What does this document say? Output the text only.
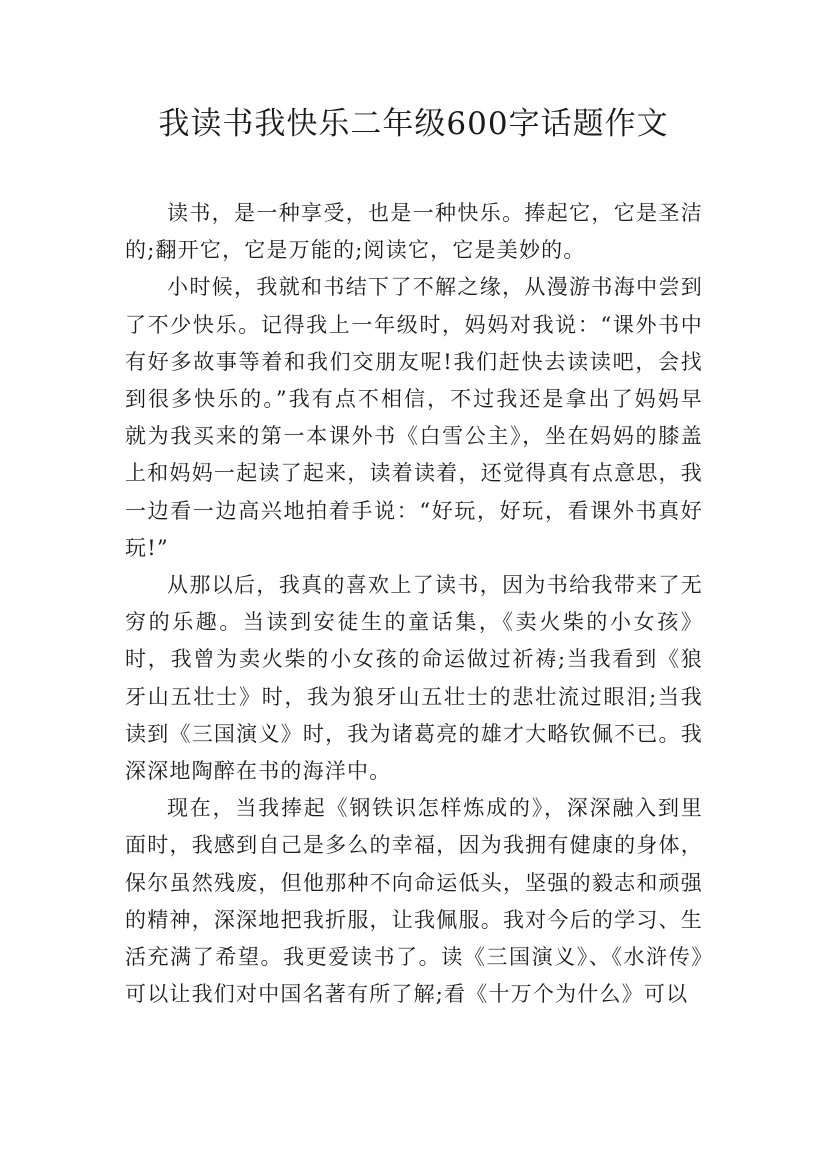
我读书我快乐二年级600字话题作文

读书，是一种享受，也是一种快乐。捧起它，它是圣洁的;翻开它，它是万能的;阅读它，它是美妙的。

小时候，我就和书结下了不解之缘，从漫游书海中尝到了不少快乐。记得我上一年级时，妈妈对我说：“课外书中有好多故事等着和我们交朋友呢!我们赶快去读读吧，会找到很多快乐的。”我有点不相信，不过我还是拿出了妈妈早就为我买来的第一本课外书《白雪公主》，坐在妈妈的膝盖上和妈妈一起读了起来，读着读着，还觉得真有点意思，我一边看一边高兴地拍着手说：“好玩，好玩，看课外书真好玩!”

从那以后，我真的喜欢上了读书，因为书给我带来了无穷的乐趣。当读到安徒生的童话集，《卖火柴的小女孩》时，我曾为卖火柴的小女孩的命运做过祈祷;当我看到《狼牙山五壮士》时，我为狼牙山五壮士的悲壮流过眼泪;当我读到《三国演义》时，我为诸葛亮的雄才大略钦佩不已。我深深地陶醉在书的海洋中。

现在，当我捧起《钢铁识怎样炼成的》，深深融入到里面时，我感到自己是多么的幸福，因为我拥有健康的身体，保尔虽然残废，但他那种不向命运低头，坚强的毅志和顽强的精神，深深地把我折服，让我佩服。我对今后的学习、生活充满了希望。我更爱读书了。读《三国演义》、《水浒传》可以让我们对中国名著有所了解;看《十万个为什么》可以
